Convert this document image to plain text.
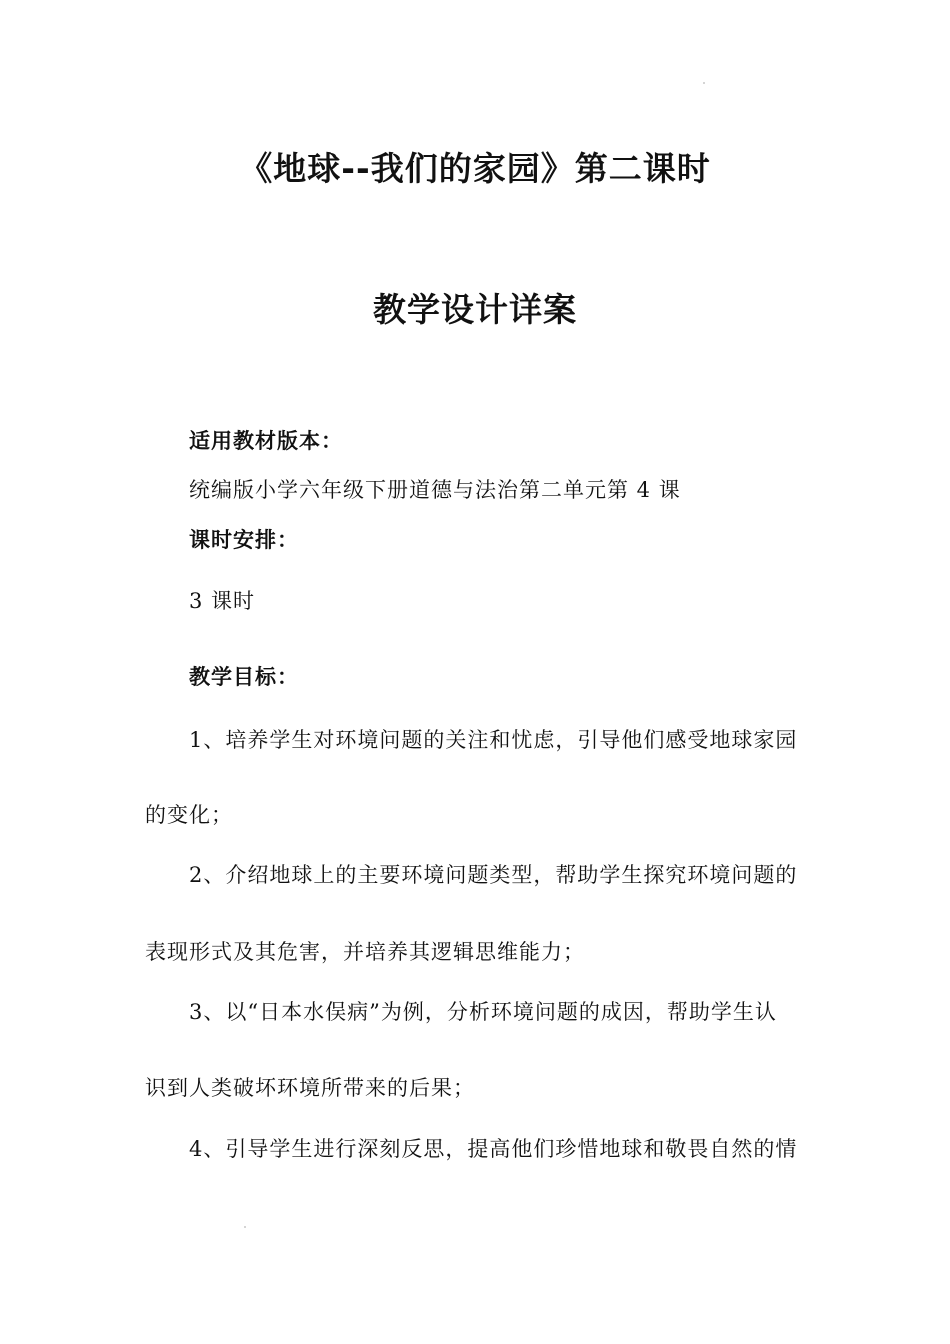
《地球--我们的家园》第二课时
教学设计详案
适用教材版本：
统编版小学六年级下册道德与法治第二单元第 4 课
课时安排：
3 课时
教学目标：
1、培养学生对环境问题的关注和忧虑，引导他们感受地球家园
的变化；
2、介绍地球上的主要环境问题类型，帮助学生探究环境问题的
表现形式及其危害，并培养其逻辑思维能力；
3、以“日本水俣病”为例，分析环境问题的成因，帮助学生认
识到人类破坏环境所带来的后果；
4、引导学生进行深刻反思，提高他们珍惜地球和敬畏自然的情
